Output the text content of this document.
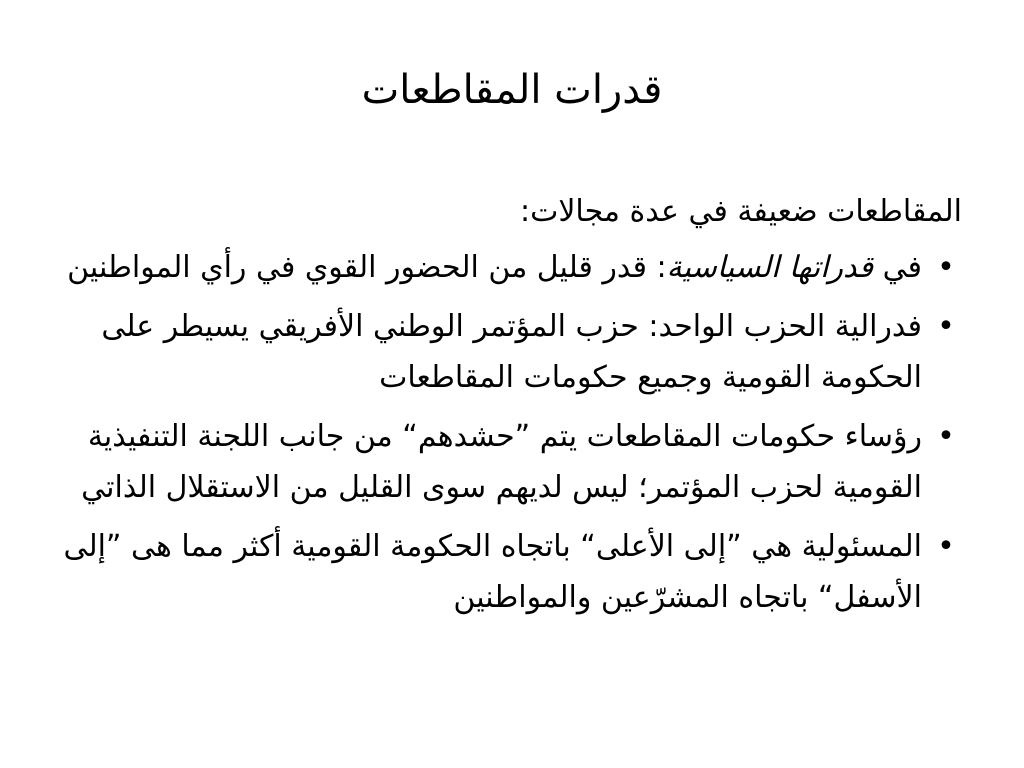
قدرات المقاطعات

المقاطعات ضعيفة في عدة مجالات:

•
في قدراتها السياسية: قدر قليل من الحضور القوي في رأي المواطنين
•
فدرالية الحزب الواحد: حزب المؤتمر الوطني الأفريقي يسيطر على الحكومة القومية وجميع حكومات المقاطعات
•
رؤساء حكومات المقاطعات يتم ”حشدهم“ من جانب اللجنة التنفيذية القومية لحزب المؤتمر؛ ليس لديهم سوى القليل من الاستقلال الذاتي
•
المسئولية هي ”إلى الأعلى“ باتجاه الحكومة القومية أكثر مما هى ”إلى الأسفل“ باتجاه المشرّعين والمواطنين
